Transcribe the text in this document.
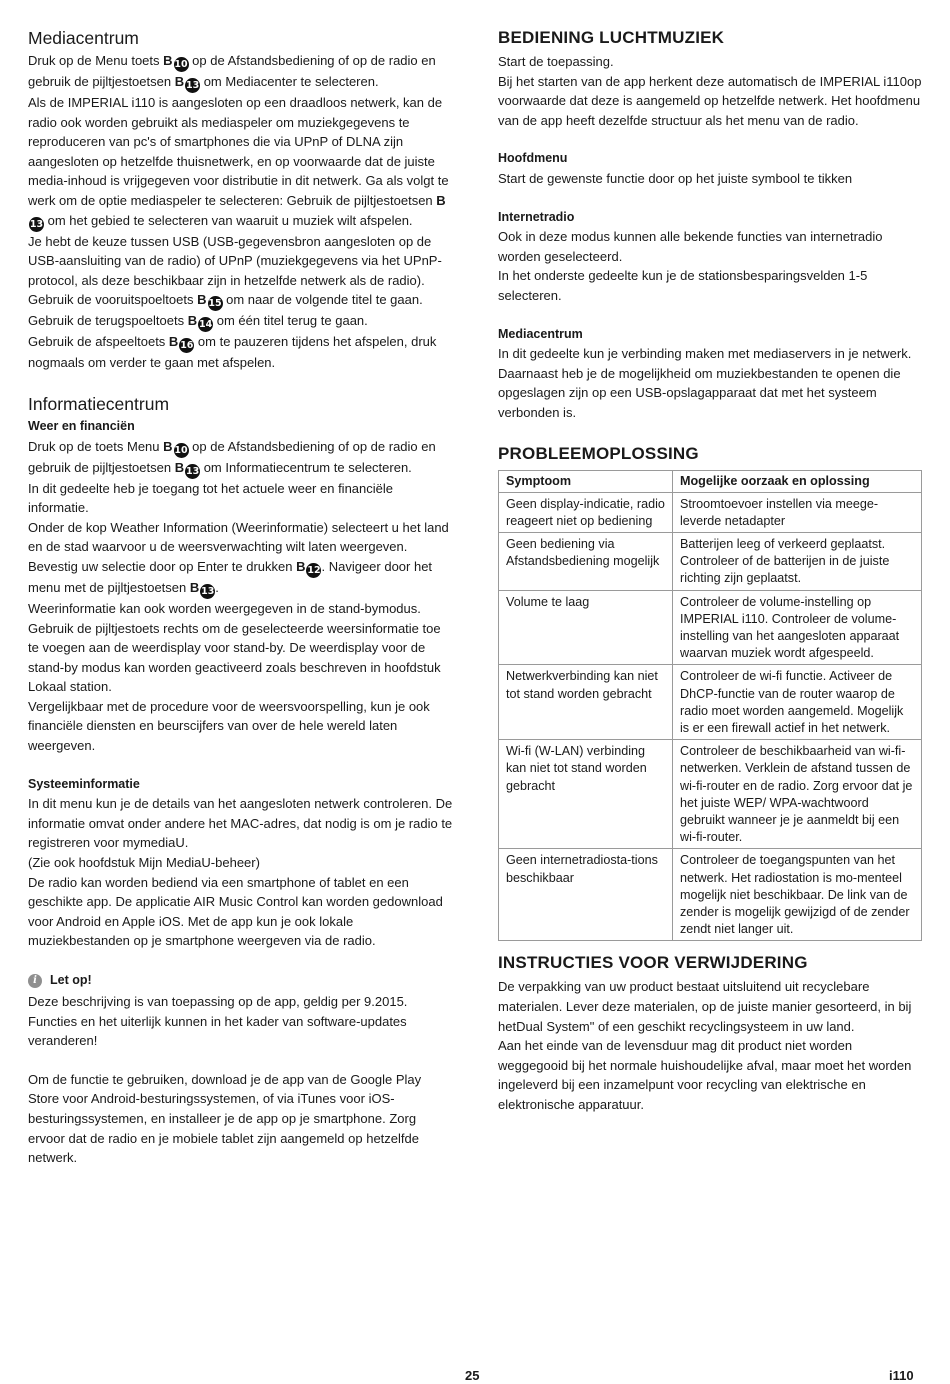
Mediacentrum

Druk op de Menu toets B 10 op de Afstandsbediening of op de radio en gebruik de pijltjestoetsen B 13 om Mediacenter te selecteren.

Als de IMPERIAL i110 is aangesloten op een draadloos netwerk, kan de radio ook worden gebruikt als mediaspeler om muziekgegevens te reproduceren van pc's of smartphones die via UPnP of DLNA zijn aangesloten op hetzelfde thuisnetwerk, en op voorwaarde dat de juiste media-inhoud is vrijgegeven voor distributie in dit netwerk. Ga als volgt te werk om de optie mediaspeler te selecteren: Gebruik de pijltjestoetsen B13 om het gebied te selecteren van waaruit u muziek wilt afspelen.

Je hebt de keuze tussen USB (USB-gegevensbron aangesloten op de USB-aansluiting van de radio) of UPnP (muziekgegevens via het UPnP-protocol, als deze beschikbaar zijn in hetzelfde netwerk als de radio).

Gebruik de vooruitspoeltoets B 15 om naar de volgende titel te gaan.

Gebruik de terugspoeltoets B 14 om één titel terug te gaan.

Gebruik de afspeeltoets B 16 om te pauzeren tijdens het afspelen, druk nogmaals om verder te gaan met afspelen.

Informatiecentrum
Weer en financiën

Druk op de toets Menu B 10 op de Afstandsbediening of op de radio en gebruik de pijltjestoetsen B 13 om Informatiecentrum te selecteren.

In dit gedeelte heb je toegang tot het actuele weer en financiële informatie.

Onder de kop Weather Information (Weerinformatie) selecteert u het land en de stad waarvoor u de weersverwachting wilt laten weergeven.

Bevestig uw selectie door op Enter te drukken B 12. Navigeer door het menu met de pijltjestoetsen B 13.

Weerinformatie kan ook worden weergegeven in de stand-bymodus. Gebruik de pijltjestoets rechts om de geselecteerde weersinformatie toe te voegen aan de weerdisplay voor stand-by. De weerdisplay voor de stand-by modus kan worden geactiveerd zoals beschreven in hoofdstuk Lokaal station.

Vergelijkbaar met de procedure voor de weersvoorspelling, kun je ook financiële diensten en beurscijfers van over de hele wereld laten weergeven.

Systeeminformatie

In dit menu kun je de details van het aangesloten netwerk controleren. De informatie omvat onder andere het MAC-adres, dat nodig is om je radio te registreren voor mymediaU.

(Zie ook hoofdstuk Mijn MediaU-beheer)

De radio kan worden bediend via een smartphone of tablet en een geschikte app. De applicatie AIR Music Control kan worden gedownload voor Android en Apple iOS. Met de app kun je ook lokale muziekbestanden op je smartphone weergeven via de radio.

i	Let op!

Deze beschrijving is van toepassing op de app, geldig per 9.2015. Functies en het uiterlijk kunnen in het kader van software-updates veranderen!

Om de functie te gebruiken, download je de app van de Google Play Store voor Android-besturingssystemen, of via iTunes voor iOS-besturingssystemen, en installeer je de app op je smartphone. Zorg ervoor dat de radio en je mobiele tablet zijn aangemeld op hetzelfde netwerk.

BEDIENING LUCHTMUZIEK

Start de toepassing.

Bij het starten van de app herkent deze automatisch de IMPERIAL i110op voorwaarde dat deze is aangemeld op hetzelfde netwerk. Het hoofdmenu van de app heeft dezelfde structuur als het menu van de radio.

Hoofdmenu

Start de gewenste functie door op het juiste symbool te tikken

Internetradio

Ook in deze modus kunnen alle bekende functies van internetradio worden geselecteerd.

In het onderste gedeelte kun je de stationsbesparingsvelden 1-5 selecteren.

Mediacentrum

In dit gedeelte kun je verbinding maken met mediaservers in je netwerk. Daarnaast heb je de mogelijkheid om muziekbestanden te openen die opgeslagen zijn op een USB-opslagapparaat dat met het systeem verbonden is.

PROBLEEMOPLOSSING
Symptoom	Mogelijke oorzaak en oplossing
Geen display-indicatie, radio reageert niet op bediening	Stroomtoevoer instellen via meege-leverde netadapter
Geen bediening via Afstandsbediening mogelijk	Batterijen leeg of verkeerd geplaatst. Controleer of de batterijen in de juiste richting zijn geplaatst.
Volume te laag	Controleer de volume-instelling op IMPERIAL i110. Controleer de volume-instelling van het aangesloten apparaat waarvan muziek wordt afgespeeld.
Netwerkverbinding kan niet tot stand worden gebracht	Controleer de wi-fi functie. Activeer de DhCP-functie van de router waarop de radio moet worden aangemeld. Mogelijk is er een firewall actief in het netwerk.
Wi-fi (W-LAN) verbinding kan niet tot stand worden gebracht	Controleer de beschikbaarheid van wi-fi-netwerken. Verklein de afstand tussen de wi-fi-router en de radio. Zorg ervoor dat je het juiste WEP/ WPA-wachtwoord gebruikt wanneer je je aanmeldt bij een wi-fi-router.
Geen internetradiosta-tions beschikbaar	Controleer de toegangspunten van het netwerk. Het radiostation is mo-menteel mogelijk niet beschikbaar. De link van de zender is mogelijk gewijzigd of de zender zendt niet langer uit.
INSTRUCTIES VOOR VERWIJDERING

De verpakking van uw product bestaat uitsluitend uit recyclebare materialen. Lever deze materialen, op de juiste manier gesorteerd, in bij hetDual System" of een geschikt recyclingsysteem in uw land.

Aan het einde van de levensduur mag dit product niet worden weggegooid bij het normale huishoudelijke afval, maar moet het worden ingeleverd bij een inzamelpunt voor recycling van elektrische en elektronische apparatuur.

25	i110
